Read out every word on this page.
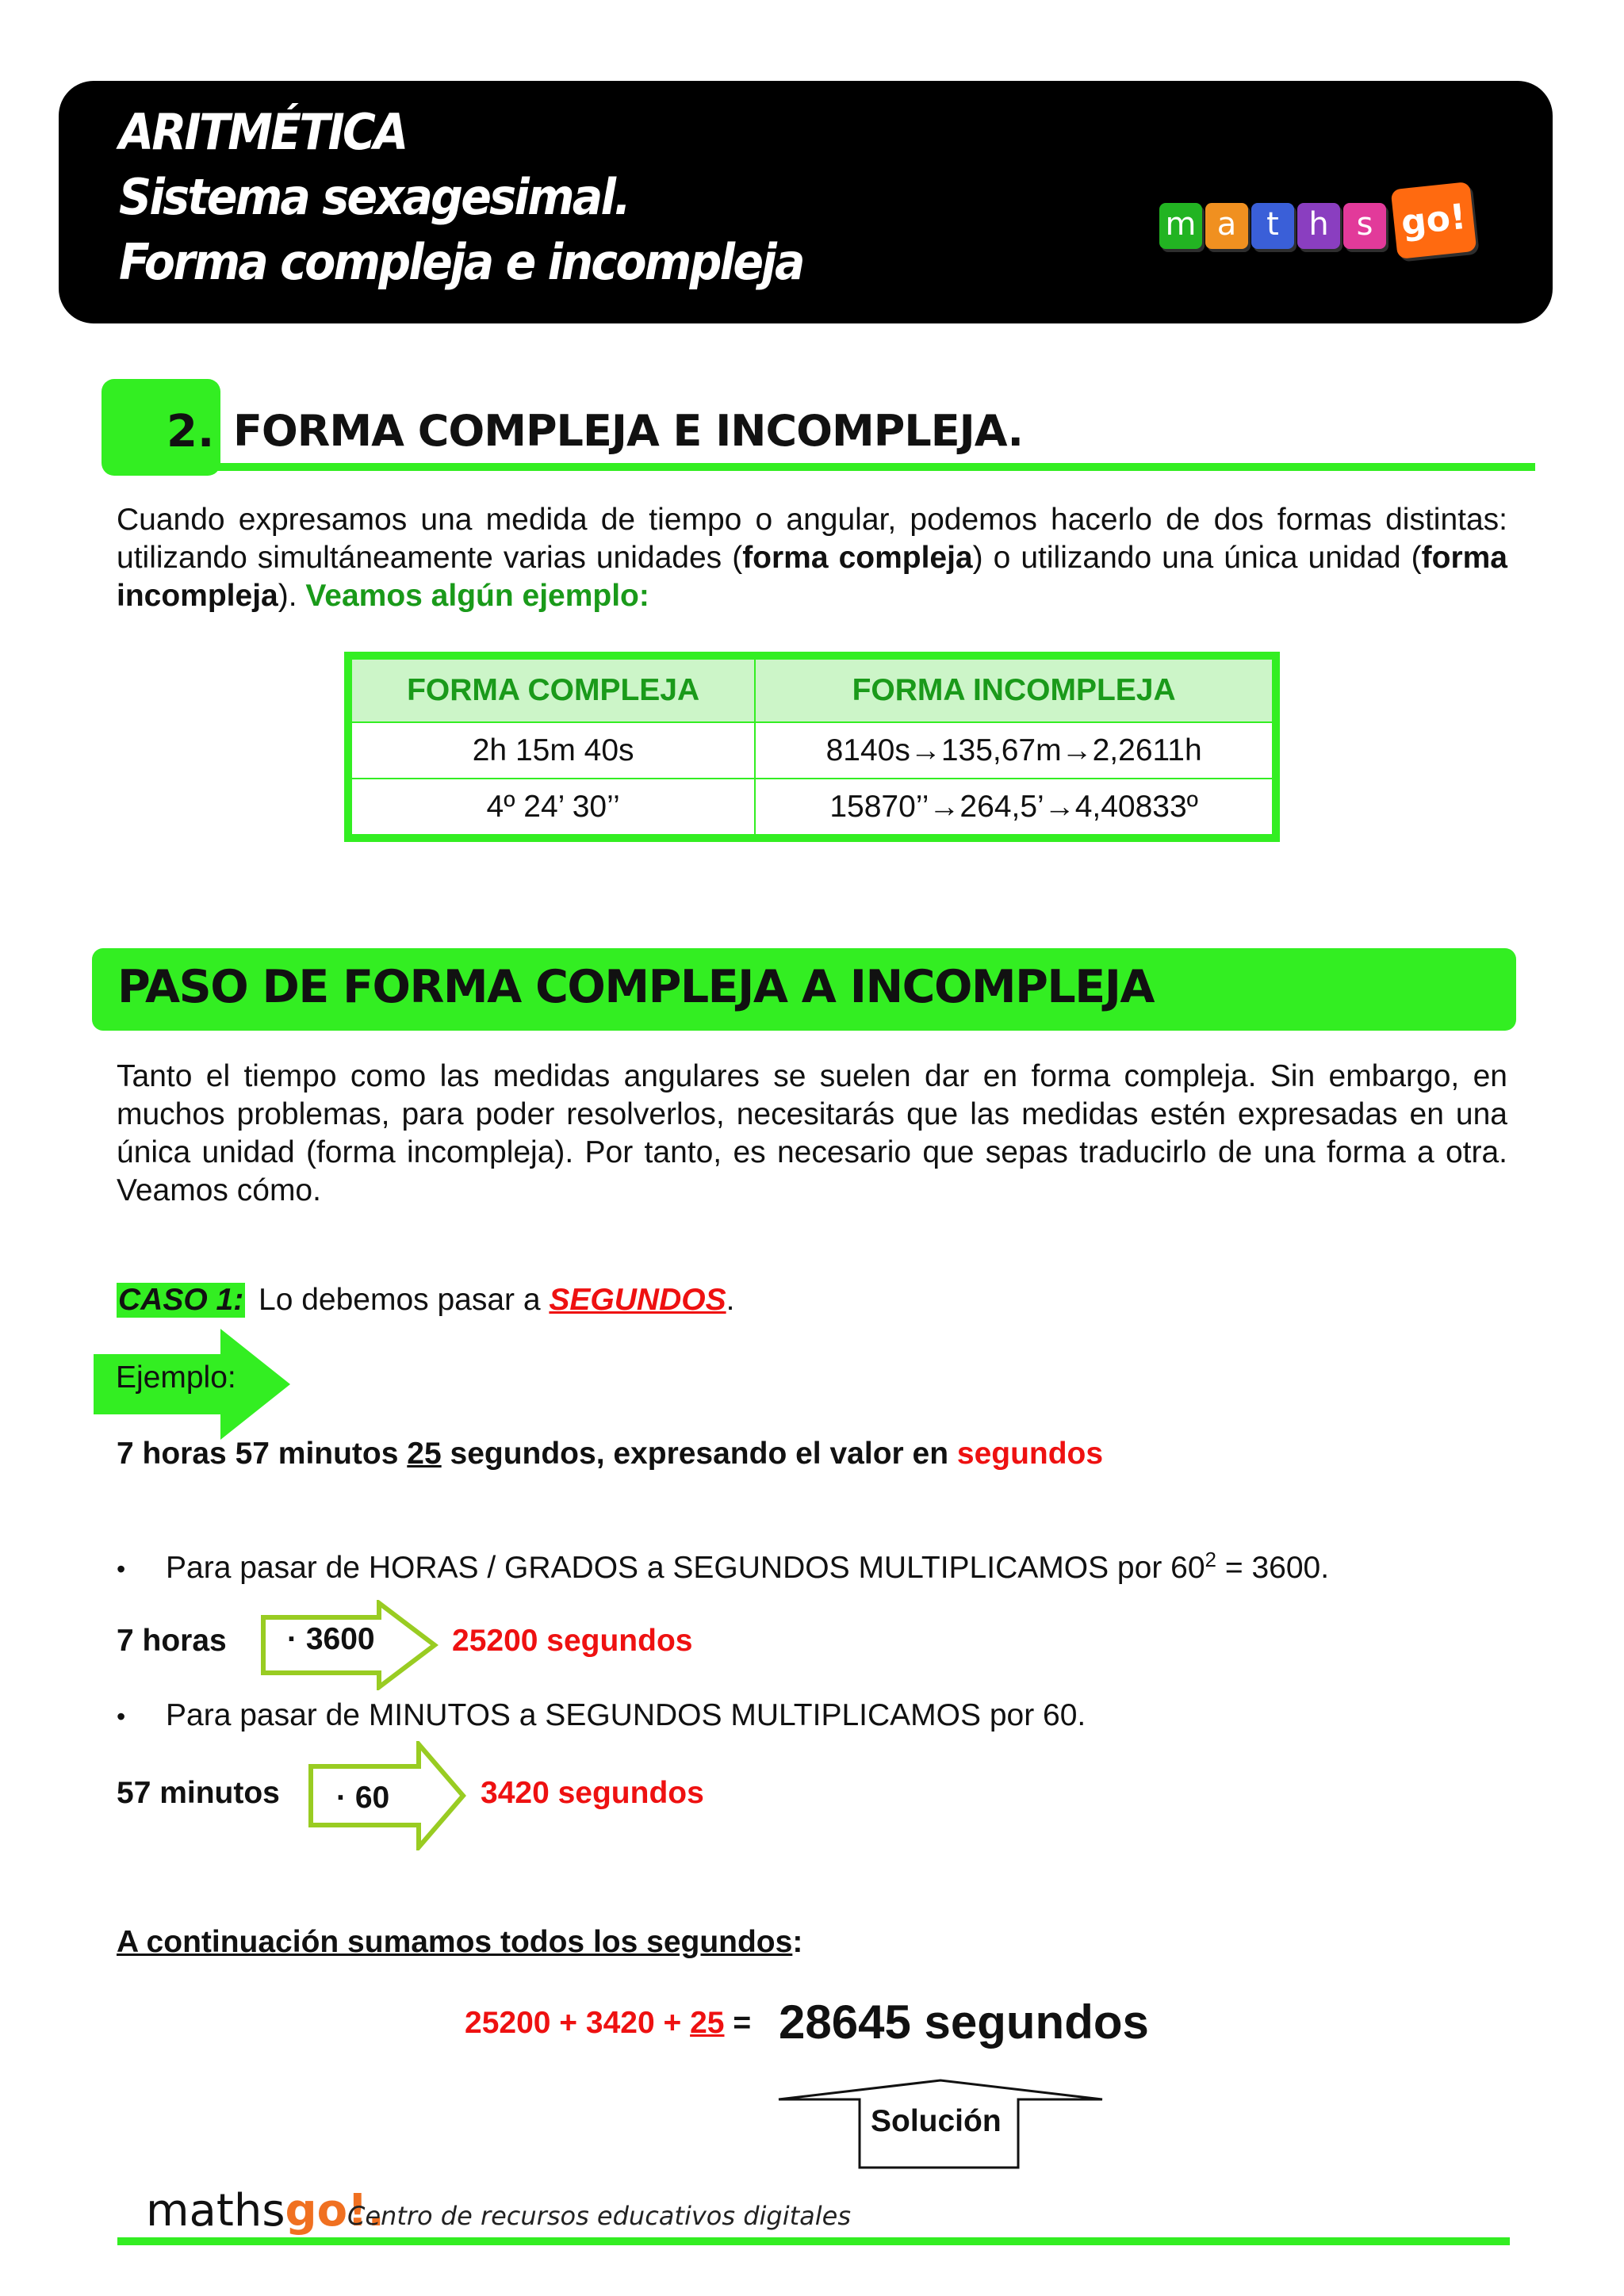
ARITMÉTICA
Sistema sexagesimal.
Forma compleja e incompleja
m a t h s go!
2. FORMA COMPLEJA E INCOMPLEJA.
Cuando expresamos una medida de tiempo o angular, podemos hacerlo de dos formas distintas: utilizando simultáneamente varias unidades (forma compleja) o utilizando una única unidad (forma incompleja). Veamos algún ejemplo:
FORMA COMPLEJA	FORMA INCOMPLEJA
2h 15m 40s	8140s→135,67m→2,2611h
4º 24’ 30’’	15870’’→264,5’→4,40833º
PASO DE FORMA COMPLEJA A INCOMPLEJA
Tanto el tiempo como las medidas angulares se suelen dar en forma compleja. Sin embargo, en muchos problemas, para poder resolverlos, necesitarás que las medidas estén expresadas en una única unidad (forma incompleja). Por tanto, es necesario que sepas traducirlo de una forma a otra. Veamos cómo.
CASO 1: Lo debemos pasar a SEGUNDOS.
Ejemplo:
7 horas 57 minutos 25 segundos, expresando el valor en segundos
• Para pasar de HORAS / GRADOS a SEGUNDOS MULTIPLICAMOS por $60^2 = 3600$.
7 horas · 3600 25200 segundos
• Para pasar de MINUTOS a SEGUNDOS MULTIPLICAMOS por 60.
57 minutos · 60	3420 segundos
A continuación sumamos todos los segundos:
25200 + 3420 + 25 = 28645 segundos
Solución
mathsgo!.
Centro de recursos educativos digitales
